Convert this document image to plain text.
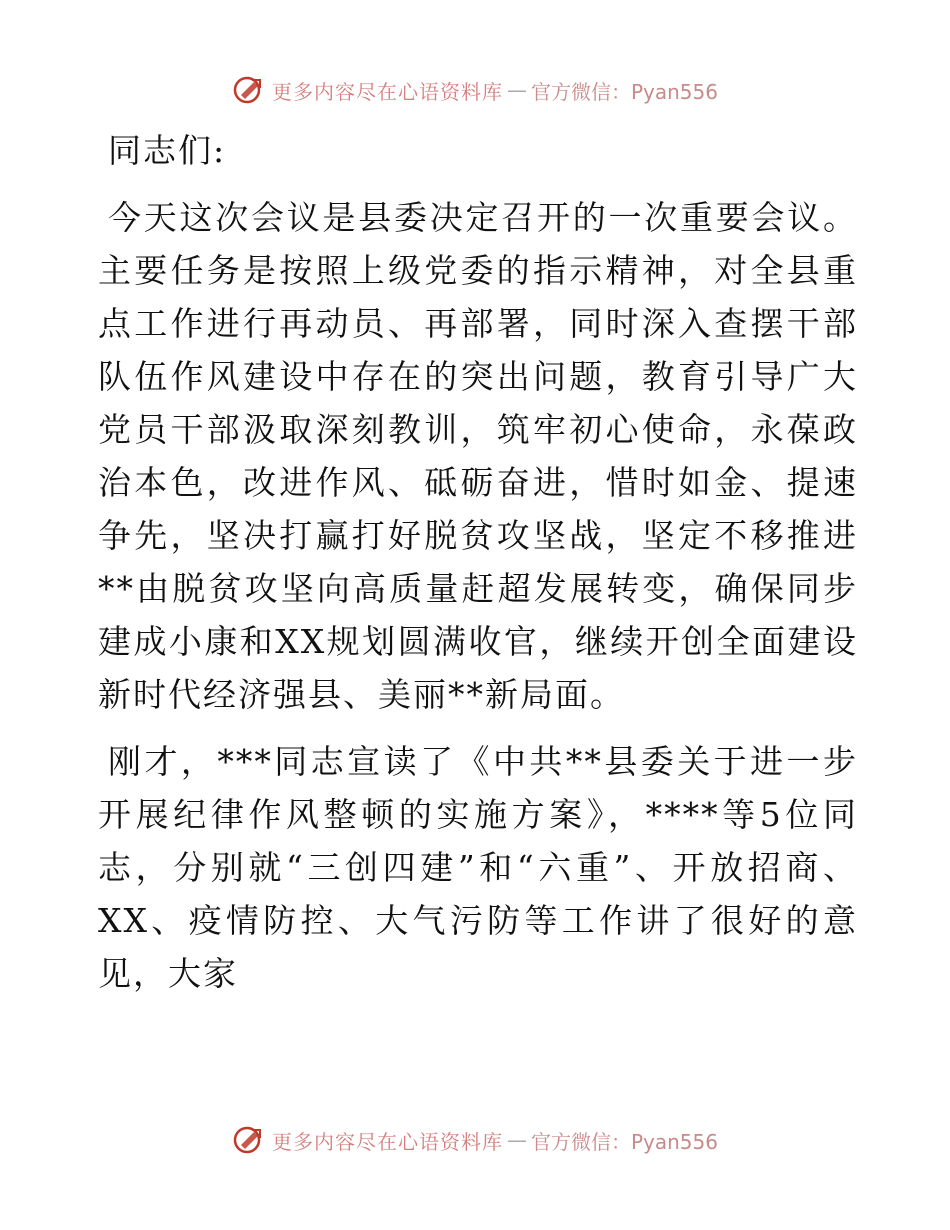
更多内容尽在心语资料库 — 官方微信：Pyan556

同志们:

今天这次会议是县委决定召开的一次重要会议。主要任务是按照上级党委的指示精神，对全县重点工作进行再动员、再部署，同时深入查摆干部队伍作风建设中存在的突出问题，教育引导广大党员干部汲取深刻教训，筑牢初心使命，永葆政治本色，改进作风、砥砺奋进，惜时如金、提速争先，坚决打赢打好脱贫攻坚战，坚定不移推进**由脱贫攻坚向高质量赶超发展转变，确保同步建成小康和XX规划圆满收官，继续开创全面建设新时代经济强县、美丽**新局面。

刚才，***同志宣读了《中共**县委关于进一步开展纪律作风整顿的实施方案》，****等5位同志，分别就“三创四建”和“六重”、开放招商、XX、疫情防控、大气污防等工作讲了很好的意见，大家

更多内容尽在心语资料库 — 官方微信：Pyan556
